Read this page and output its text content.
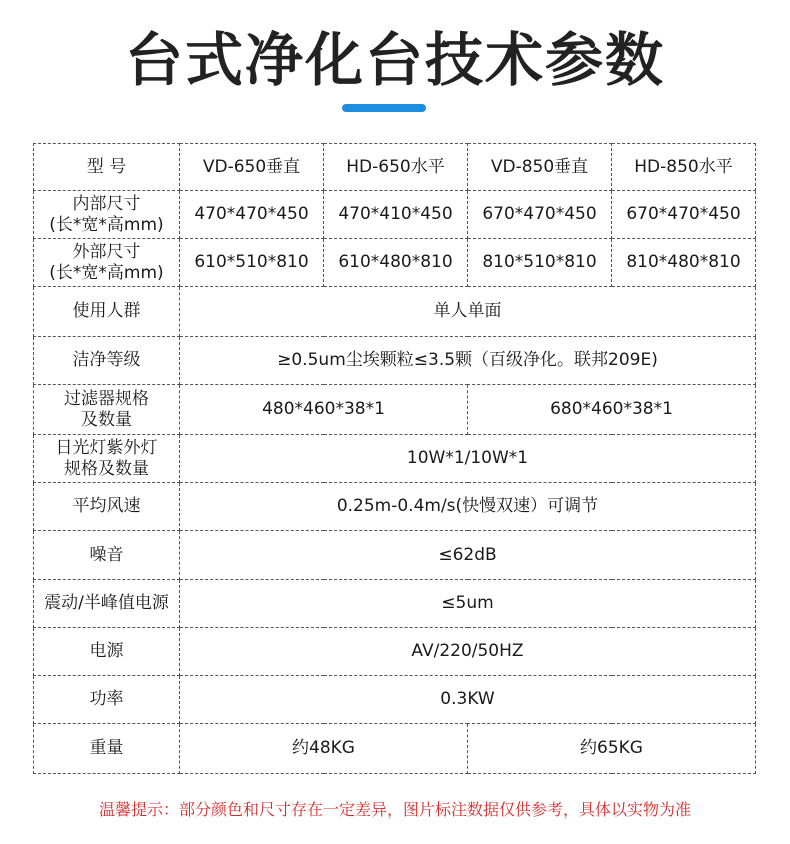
台式净化台技术参数
型 号	VD-650垂直	HD-650水平	VD-850垂直	HD-850水平
内部尺寸
(长*宽*高mm)	470*470*450	470*410*450	670*470*450	670*470*450
外部尺寸
(长*宽*高mm)	610*510*810	610*480*810	810*510*810	810*480*810
使用人群	单人单面			
洁净等级	≥0.5um尘埃颗粒≤3.5颗（百级净化。联邦209E)			
过滤器规格
及数量	480*460*38*1		680*460*38*1	
日光灯紫外灯
规格及数量	10W*1/10W*1			
平均风速	0.25m-0.4m/s(快慢双速）可调节			
噪音	≤62dB			
震动/半峰值电源	≤5um			
电源	AV/220/50HZ			
功率	0.3KW			
重量	约48KG		约65KG	
温馨提示：部分颜色和尺寸存在一定差异，图片标注数据仅供参考，具体以实物为准
